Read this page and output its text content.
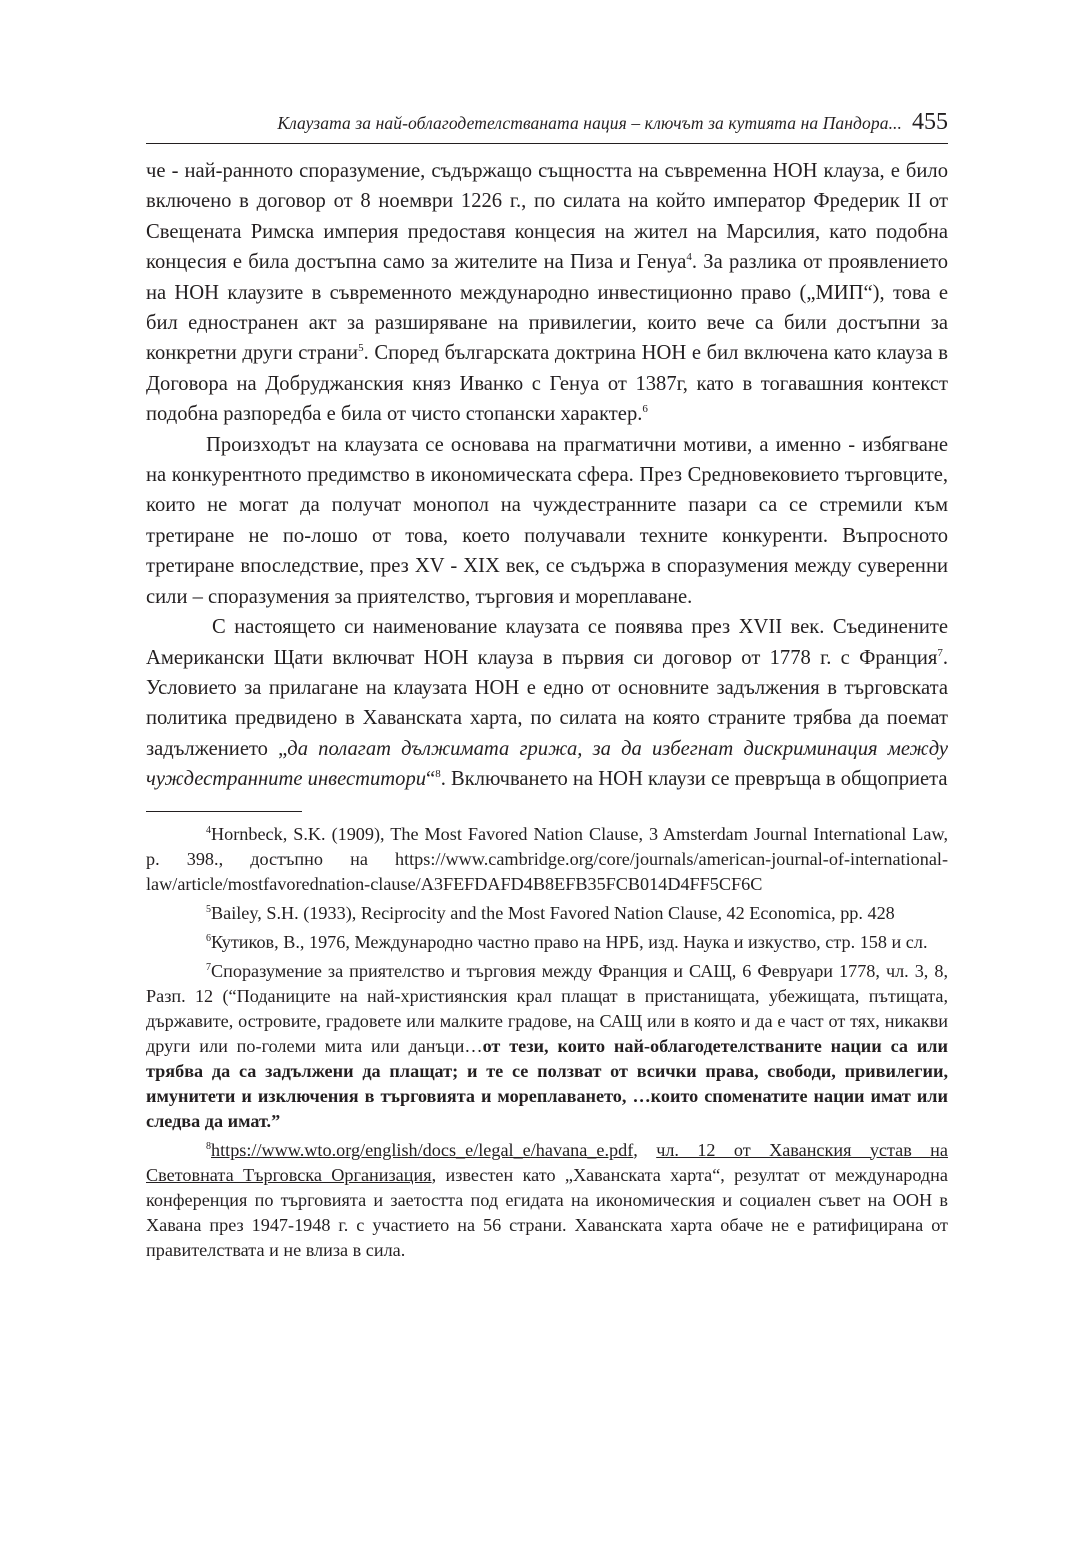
Клаузата за най-облагодетелстваната нация – ключът за кутията на Пандора... 455

че - най-ранното споразумение, съдържащо същността на съвременна НОН клауза, е било включено в договор от 8 ноември 1226 г., по силата на който император Фредерик II от Свещената Римска империя предоставя концесия на жител на Марсилия, като подобна концесия е била достъпна само за жителите на Пиза и Генуа$^4$. За разлика от проявлението на НОН клаузите в съвременното международно инвестиционно право („МИП“), това е бил едностранен акт за разширяване на привилегии, които вече са били достъпни за конкретни други страни$^5$. Според българската доктрина НОН е бил включена като клауза в Договора на Добруджанския княз Иванко с Генуа от 1387г, като в тогавашния контекст подобна разпоредба е била от чисто стопански характер.$^6$

Произходът на клаузата се основава на прагматични мотиви, а именно - избягване на конкурентното предимство в икономическата сфера. През Средновековието търговците, които не могат да получат монопол на чуждестранните пазари са се стремили към третиране не по-лошо от това, което получавали техните конкуренти. Въпросното третиране впоследствие, през XV - XIX век, се съдържа в споразумения между суверенни сили – споразумения за приятелство, търговия и мореплаване.

С настоящето си наименование клаузата се появява през XVII век. Съединените Американски Щати включват НОН клауза в първия си договор от 1778 г. с Франция$^7$. Условието за прилагане на клаузата НОН е едно от основните задължения в търговската политика предвидено в Хаванската харта, по силата на която страните трябва да поемат задължението „да полагат дължимата грижа, за да избегнат дискриминация между чуждестранните инвеститори“$^8$. Включването на НОН клаузи се превръща в общоприета

$^4$Hornbeck, S.K. (1909), The Most Favored Nation Clause, 3 Amsterdam Journal International Law, p. 398., достъпно на https://www.cambridge.org/core/journals/american-journal-of-international-law/article/mostfavorednation-clause/A3FEFDAFD4B8EFB35FCB014D4FF5CF6C

$^5$Bailey, S.H. (1933), Reciprocity and the Most Favored Nation Clause, 42 Economica, pp. 428

$^6$Кутиков, В., 1976, Международно частно право на НРБ, изд. Наука и изкуство, стр. 158 и сл.

$^7$Споразумение за приятелство и търговия между Франция и САЩ, 6 Февруари 1778, чл. 3, 8, Разп. 12 (“Поданиците на най-християнския крал плащат в пристанищата, убежищата, пътищата, държавите, островите, градовете или малките градове, на САЩ или в която и да е част от тях, никакви други или по-големи мита или данъци…от тези, които най-облагодетелстваните нации са или трябва да са задължени да плащат; и те се ползват от всички права, свободи, привилегии, имунитети и изключения в търговията и мореплаването, …които споменатите нации имат или следва да имат.”

$^8$https://www.wto.org/english/docs_e/legal_e/havana_e.pdf, чл. 12 от Хаванския устав на Световната Търговска Организация, известен като „Хаванската харта“, резултат от международна конференция по търговията и заетостта под егидата на икономическия и социален съвет на ООН в Хавана през 1947-1948 г. с участието на 56 страни. Хаванската харта обаче не е ратифицирана от правителствата и не влиза в сила.
